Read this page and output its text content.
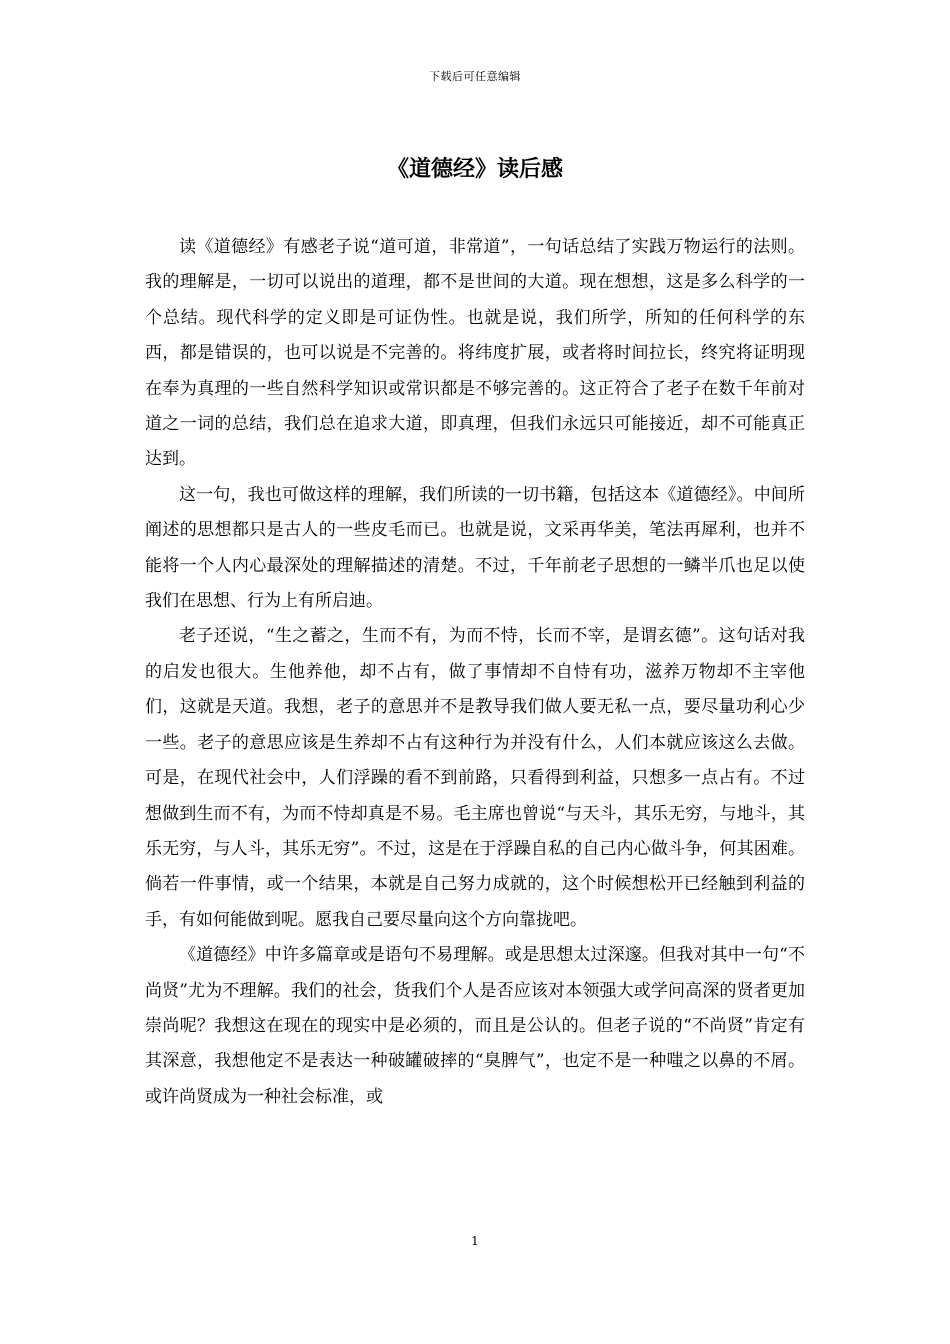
下载后可任意编辑
《道德经》读后感

读《道德经》有感老子说“道可道，非常道”，一句话总结了实践万物运行的法则。我的理解是，一切可以说出的道理，都不是世间的大道。现在想想，这是多么科学的一个总结。现代科学的定义即是可证伪性。也就是说，我们所学，所知的任何科学的东西，都是错误的，也可以说是不完善的。将纬度扩展，或者将时间拉长，终究将证明现在奉为真理的一些自然科学知识或常识都是不够完善的。这正符合了老子在数千年前对道之一词的总结，我们总在追求大道，即真理，但我们永远只可能接近，却不可能真正达到。

这一句，我也可做这样的理解，我们所读的一切书籍，包括这本《道德经》。中间所阐述的思想都只是古人的一些皮毛而已。也就是说，文采再华美，笔法再犀利，也并不能将一个人内心最深处的理解描述的清楚。不过，千年前老子思想的一鳞半爪也足以使我们在思想、行为上有所启迪。

老子还说，“生之蓄之，生而不有，为而不恃，长而不宰，是谓玄德”。这句话对我的启发也很大。生他养他，却不占有，做了事情却不自恃有功，滋养万物却不主宰他们，这就是天道。我想，老子的意思并不是教导我们做人要无私一点，要尽量功利心少一些。老子的意思应该是生养却不占有这种行为并没有什么，人们本就应该这么去做。可是，在现代社会中，人们浮躁的看不到前路，只看得到利益，只想多一点占有。不过想做到生而不有，为而不恃却真是不易。毛主席也曾说“与天斗，其乐无穷，与地斗，其乐无穷，与人斗，其乐无穷”。不过，这是在于浮躁自私的自己内心做斗争，何其困难。倘若一件事情，或一个结果，本就是自己努力成就的，这个时候想松开已经触到利益的手，有如何能做到呢。愿我自己要尽量向这个方向靠拢吧。

《道德经》中许多篇章或是语句不易理解。或是思想太过深邃。但我对其中一句“不尚贤”尤为不理解。我们的社会，货我们个人是否应该对本领强大或学问高深的贤者更加崇尚呢？我想这在现在的现实中是必须的，而且是公认的。但老子说的“不尚贤”肯定有其深意，我想他定不是表达一种破罐破摔的“臭脾气”，也定不是一种嗤之以鼻的不屑。或许尚贤成为一种社会标准，或

1
